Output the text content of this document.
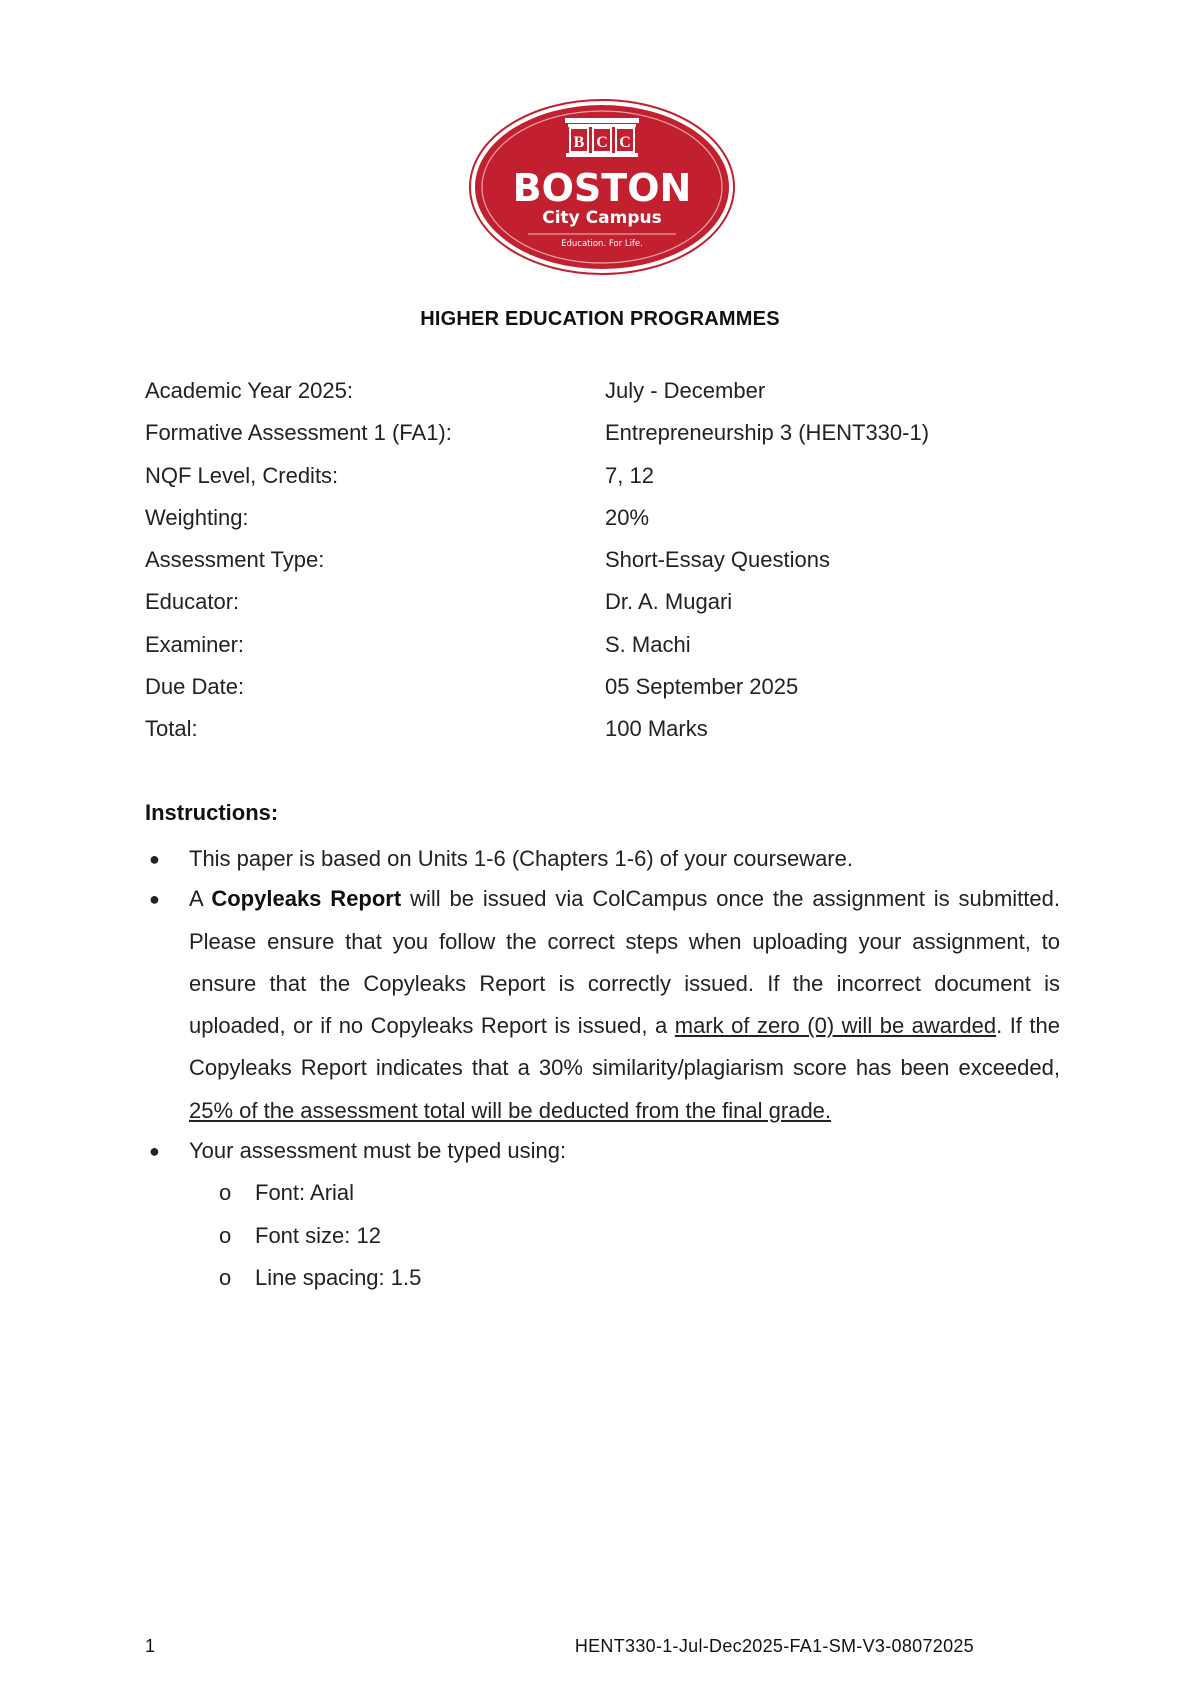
B C C
BOSTON
City Campus
Education. For Life.
HIGHER EDUCATION PROGRAMMES
Academic Year 2025:	July - December
Formative Assessment 1 (FA1):	Entrepreneurship 3 (HENT330-1)
NQF Level, Credits:	7, 12
Weighting:	20%
Assessment Type:	Short-Essay Questions
Educator:	Dr. A. Mugari
Examiner:	S. Machi
Due Date:	05 September 2025
Total:	100 Marks
Instructions:
● This paper is based on Units 1-6 (Chapters 1-6) of your courseware.
● A Copyleaks Report will be issued via ColCampus once the assignment is submitted. Please ensure that you follow the correct steps when uploading your assignment, to ensure that the Copyleaks Report is correctly issued. If the incorrect document is uploaded, or if no Copyleaks Report is issued, a mark of zero (0) will be awarded. If the Copyleaks Report indicates that a 30% similarity/plagiarism score has been exceeded, 25% of the assessment total will be deducted from the final grade.
● Your assessment must be typed using:
o Font: Arial
o Font size: 12
o Line spacing: 1.5
1	HENT330-1-Jul-Dec2025-FA1-SM-V3-08072025
